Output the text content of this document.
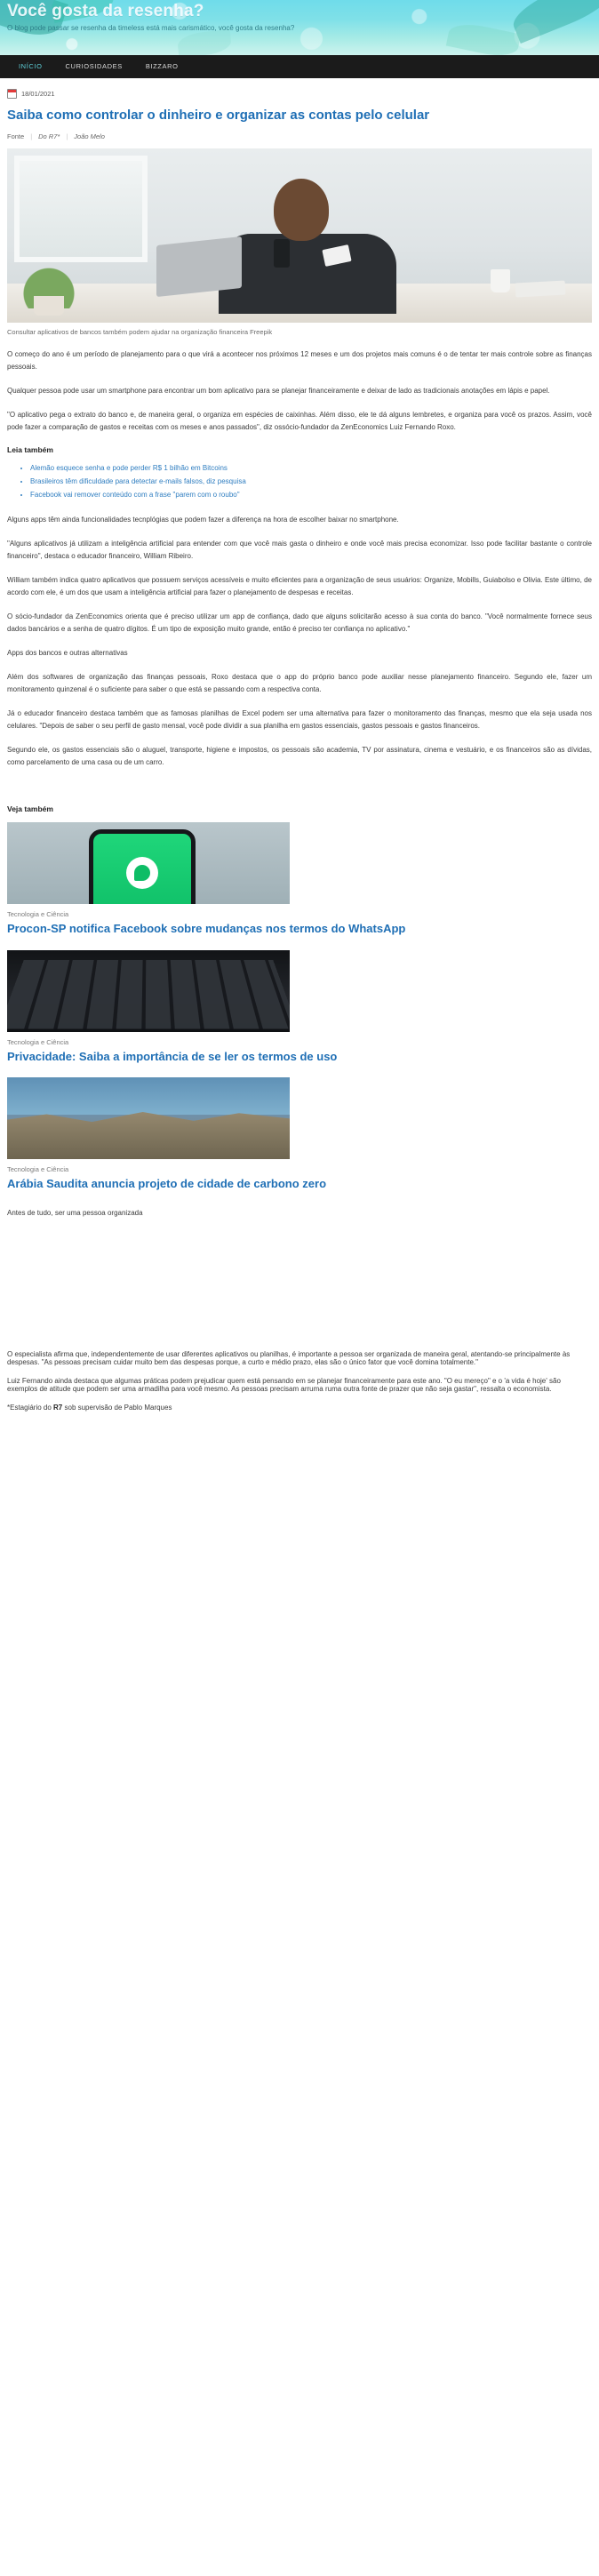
Você gosta da resenha?
O blog pode passar se resenha da timeless está mais carismático, você gosta da resenha?
INÍCIO	CURIOSIDADES	BIZZARO
18/01/2021
Saiba como controlar o dinheiro e organizar as contas pelo celular
Fonte | Do R7* | João Melo
Consultar aplicativos de bancos também podem ajudar na organização financeira Freepik

O começo do ano é um período de planejamento para o que virá a acontecer nos próximos 12 meses e um dos projetos mais comuns é o de tentar ter mais controle sobre as finanças pessoais.

Qualquer pessoa pode usar um smartphone para encontrar um bom aplicativo para se planejar financeiramente e deixar de lado as tradicionais anotações em lápis e papel.

"O aplicativo pega o extrato do banco e, de maneira geral, o organiza em espécies de caixinhas. Além disso, ele te dá alguns lembretes, e organiza para você os prazos. Assim, você pode fazer a comparação de gastos e receitas com os meses e anos passados", diz ossócio-fundador da ZenEconomics Luiz Fernando Roxo.

Leia também
• Alemão esquece senha e pode perder R$ 1 bilhão em Bitcoins
• Brasileiros têm dificuldade para detectar e-mails falsos, diz pesquisa
• Facebook vai remover conteúdo com a frase "parem com o roubo"

Alguns apps têm ainda funcionalidades tecnplógias que podem fazer a diferença na hora de escolher baixar no smartphone.

"Alguns aplicativos já utilizam a inteligência artificial para entender com que você mais gasta o dinheiro e onde você mais precisa economizar. Isso pode facilitar bastante o controle financeiro", destaca o educador financeiro, William Ribeiro.

William também indica quatro aplicativos que possuem serviços acessíveis e muito eficientes para a organização de seus usuários: Organize, Mobills, Guiabolso e Olivia. Este último, de acordo com ele, é um dos que usam a inteligência artificial para fazer o planejamento de despesas e receitas.

O sócio-fundador da ZenEconomics orienta que é preciso utilizar um app de confiança, dado que alguns solicitarão acesso à sua conta do banco. "Você normalmente fornece seus dados bancários e a senha de quatro dígitos. É um tipo de exposição muito grande, então é preciso ter confiança no aplicativo."

Apps dos bancos e outras alternativas

Além dos softwares de organização das finanças pessoais, Roxo destaca que o app do próprio banco pode auxiliar nesse planejamento financeiro. Segundo ele, fazer um monitoramento quinzenal é o suficiente para saber o que está se passando com a respectiva conta.

Já o educador financeiro destaca também que as famosas planilhas de Excel podem ser uma alternativa para fazer o monitoramento das finanças, mesmo que ela seja usada nos celulares. "Depois de saber o seu perfil de gasto mensal, você pode dividir a sua planilha em gastos essenciais, gastos pessoais e gastos financeiros.

Segundo ele, os gastos essenciais são o aluguel, transporte, higiene e impostos, os pessoais são academia, TV por assinatura, cinema e vestuário, e os financeiros são as dívidas, como parcelamento de uma casa ou de um carro.

Veja também
Tecnologia e Ciência
Procon-SP notifica Facebook sobre mudanças nos termos do WhatsApp
Tecnologia e Ciência
Privacidade: Saiba a importância de se ler os termos de uso
Tecnologia e Ciência
Arábia Saudita anuncia projeto de cidade de carbono zero

Antes de tudo, ser uma pessoa organizada

O especialista afirma que, independentemente de usar diferentes aplicativos ou planilhas, é importante a pessoa ser organizada de maneira geral, atentando-se principalmente às despesas. "As pessoas precisam cuidar muito bem das despesas porque, a curto e médio prazo, elas são o único fator que você domina totalmente."

Luiz Fernando ainda destaca que algumas práticas podem prejudicar quem está pensando em se planejar financeiramente para este ano. "O eu mereço" e o 'a vida é hoje' são exemplos de atitude que podem ser uma armadilha para você mesmo. As pessoas precisam arruma ruma outra fonte de prazer que não seja gastar", ressalta o economista.

*Estagiário do R7 sob supervisão de Pablo Marques
